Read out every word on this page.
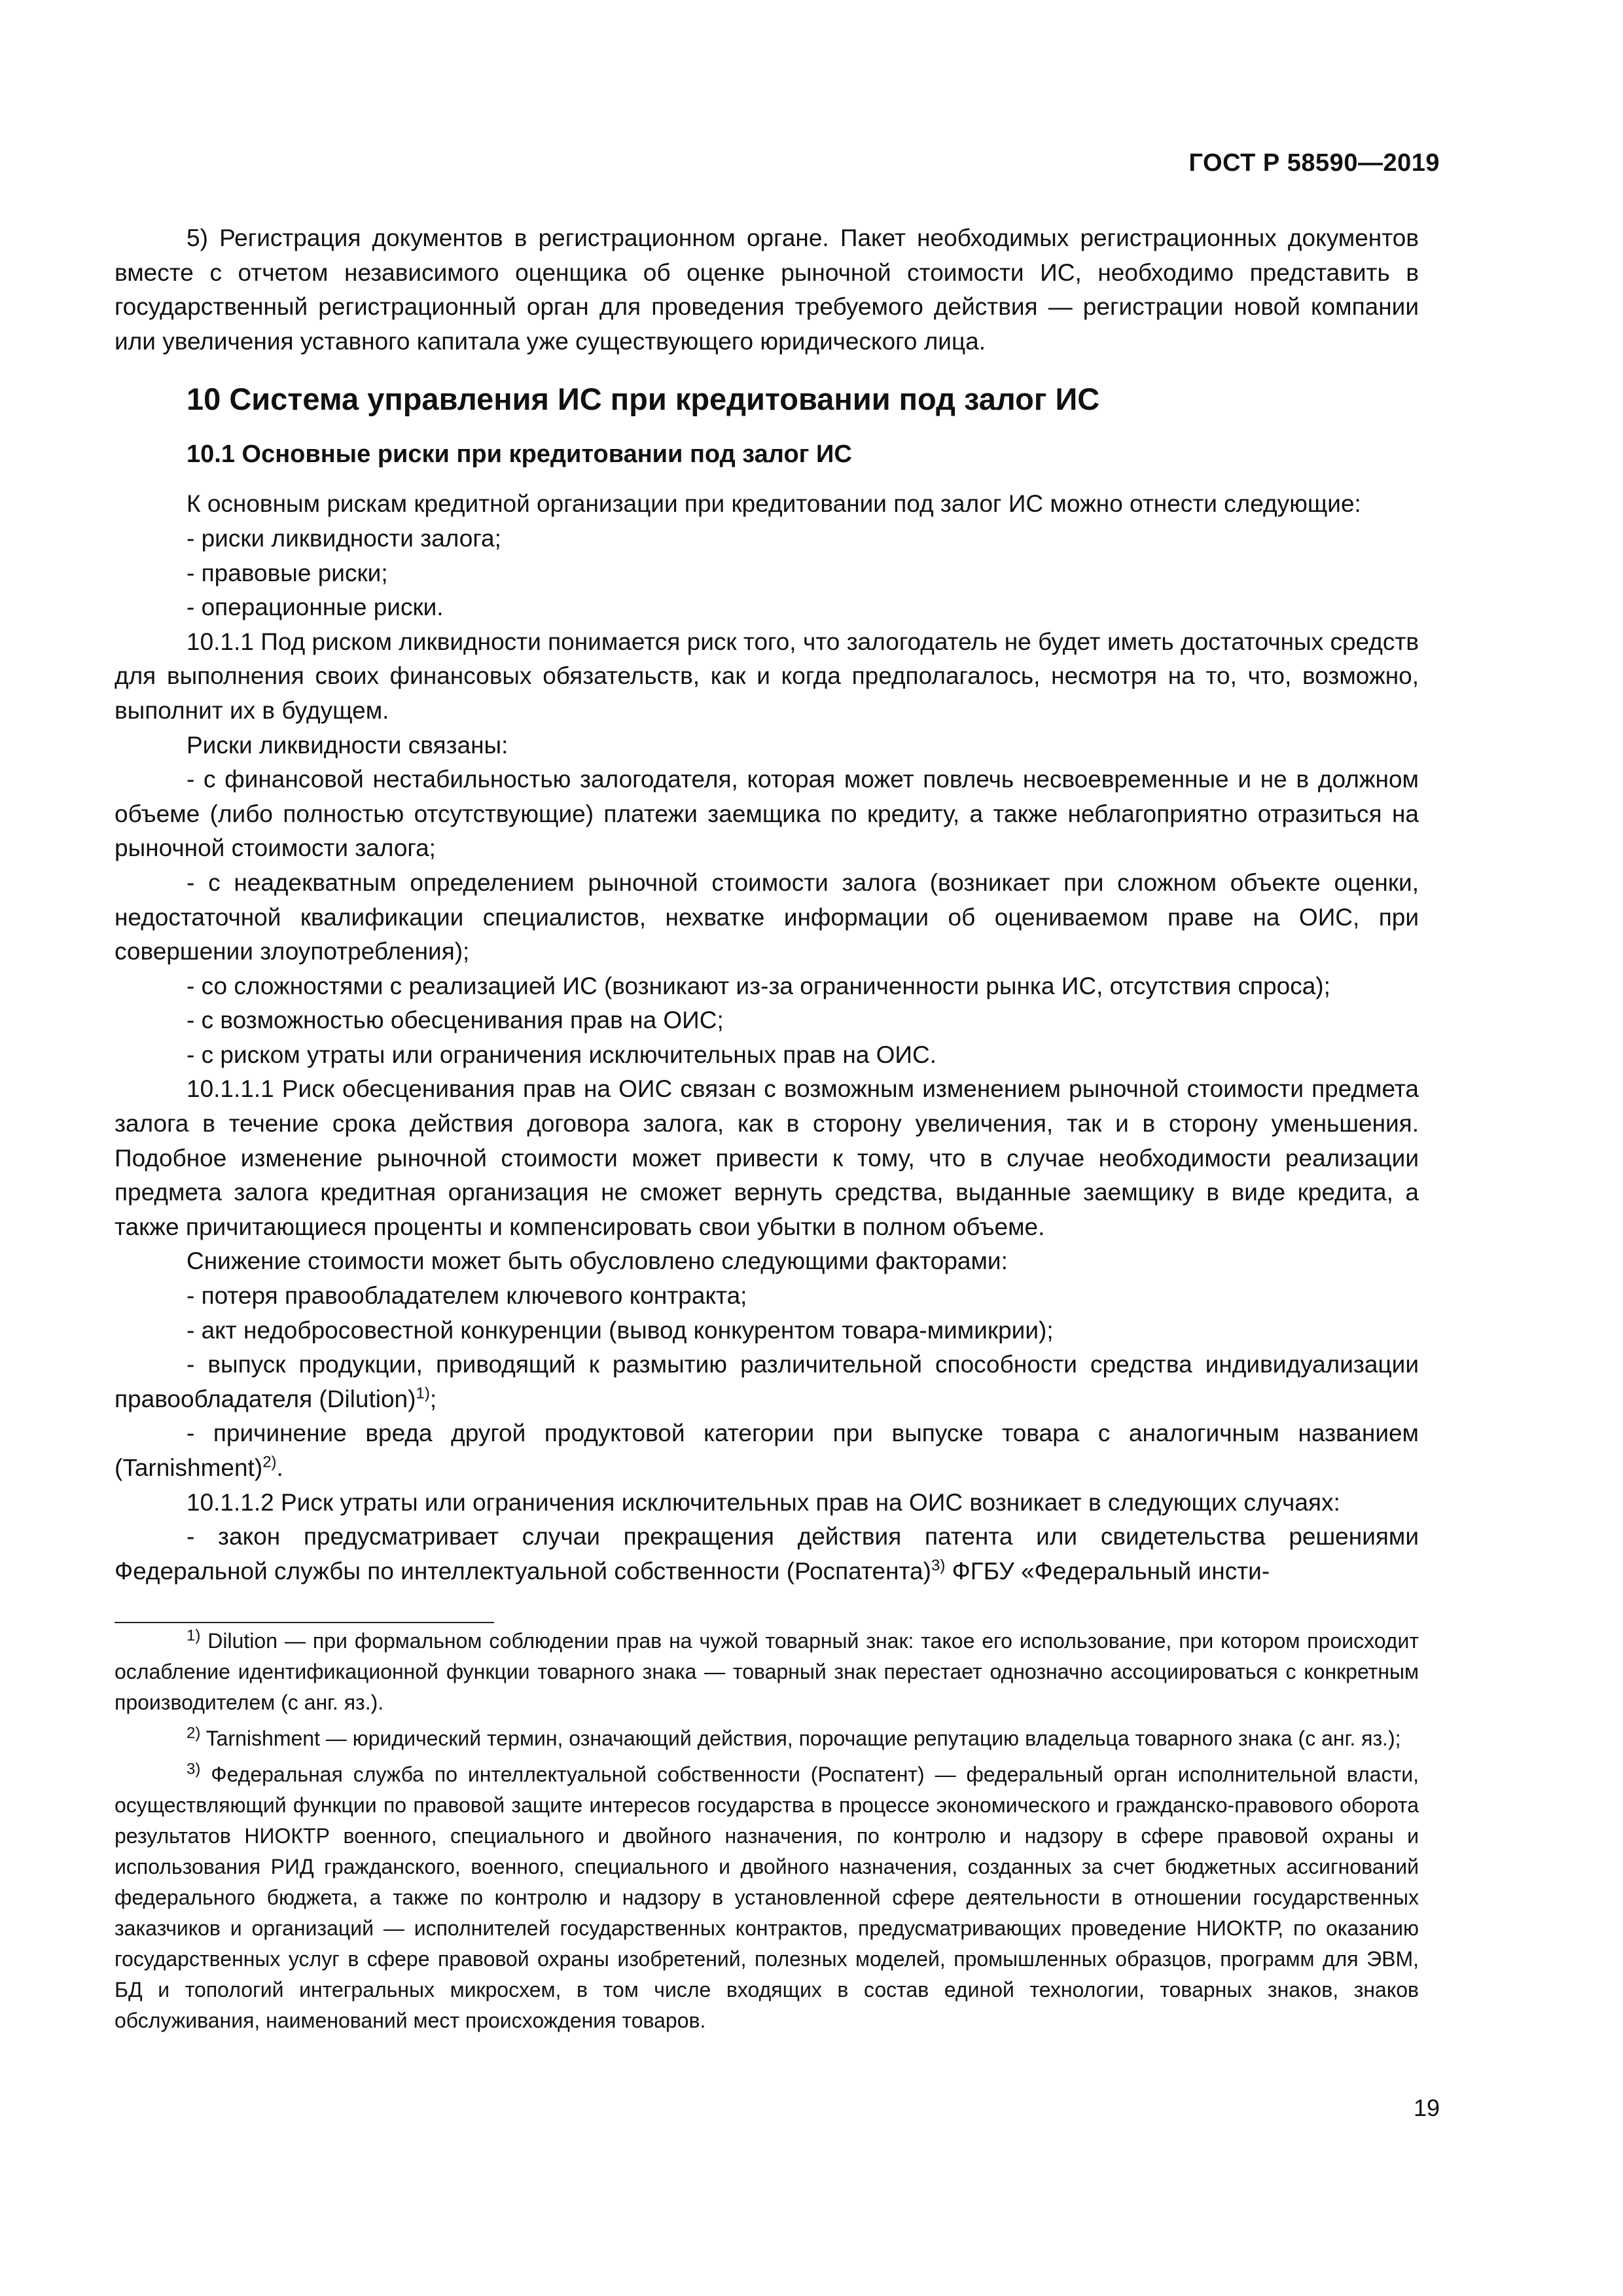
ГОСТ Р 58590—2019

5) Регистрация документов в регистрационном органе. Пакет необходимых регистрационных документов вместе с отчетом независимого оценщика об оценке рыночной стоимости ИС, необходимо представить в государственный регистрационный орган для проведения требуемого действия — регистрации новой компании или увеличения уставного капитала уже существующего юридического лица.

10 Система управления ИС при кредитовании под залог ИС
10.1 Основные риски при кредитовании под залог ИС

К основным рискам кредитной организации при кредитовании под залог ИС можно отнести следующие:

- риски ликвидности залога;

- правовые риски;

- операционные риски.

10.1.1 Под риском ликвидности понимается риск того, что залогодатель не будет иметь достаточных средств для выполнения своих финансовых обязательств, как и когда предполагалось, несмотря на то, что, возможно, выполнит их в будущем.

Риски ликвидности связаны:

- с финансовой нестабильностью залогодателя, которая может повлечь несвоевременные и не в должном объеме (либо полностью отсутствующие) платежи заемщика по кредиту, а также неблагоприятно отразиться на рыночной стоимости залога;

- с неадекватным определением рыночной стоимости залога (возникает при сложном объекте оценки, недостаточной квалификации специалистов, нехватке информации об оцениваемом праве на ОИС, при совершении злоупотребления);

- со сложностями с реализацией ИС (возникают из-за ограниченности рынка ИС, отсутствия спроса);

- с возможностью обесценивания прав на ОИС;

- с риском утраты или ограничения исключительных прав на ОИС.

10.1.1.1 Риск обесценивания прав на ОИС связан с возможным изменением рыночной стоимости предмета залога в течение срока действия договора залога, как в сторону увеличения, так и в сторону уменьшения. Подобное изменение рыночной стоимости может привести к тому, что в случае необходимости реализации предмета залога кредитная организация не сможет вернуть средства, выданные заемщику в виде кредита, а также причитающиеся проценты и компенсировать свои убытки в полном объеме.

Снижение стоимости может быть обусловлено следующими факторами:

- потеря правообладателем ключевого контракта;

- акт недобросовестной конкуренции (вывод конкурентом товара-мимикрии);

- выпуск продукции, приводящий к размытию различительной способности средства индивидуализации правообладателя (Dilution)$^{1)}$;

- причинение вреда другой продуктовой категории при выпуске товара с аналогичным названием (Tarnishment)$^{2)}$.

10.1.1.2 Риск утраты или ограничения исключительных прав на ОИС возникает в следующих случаях:

- закон предусматривает случаи прекращения действия патента или свидетельства решениями Федеральной службы по интеллектуальной собственности (Роспатента)$^{3)}$ ФГБУ «Федеральный инсти-

$^{1)}$ Dilution — при формальном соблюдении прав на чужой товарный знак: такое его использование, при котором происходит ослабление идентификационной функции товарного знака — товарный знак перестает однозначно ассоциироваться с конкретным производителем (с анг. яз.).

$^{2)}$ Tarnishment — юридический термин, означающий действия, порочащие репутацию владельца товарного знака (с анг. яз.);

$^{3)}$ Федеральная служба по интеллектуальной собственности (Роспатент) — федеральный орган исполнительной власти, осуществляющий функции по правовой защите интересов государства в процессе экономического и гражданско-правового оборота результатов НИОКТР военного, специального и двойного назначения, по контролю и надзору в сфере правовой охраны и использования РИД гражданского, военного, специального и двойного назначения, созданных за счет бюджетных ассигнований федерального бюджета, а также по контролю и надзору в установленной сфере деятельности в отношении государственных заказчиков и организаций — исполнителей государственных контрактов, предусматривающих проведение НИОКТР, по оказанию государственных услуг в сфере правовой охраны изобретений, полезных моделей, промышленных образцов, программ для ЭВМ, БД и топологий интегральных микросхем, в том числе входящих в состав единой технологии, товарных знаков, знаков обслуживания, наименований мест происхождения товаров.

19
